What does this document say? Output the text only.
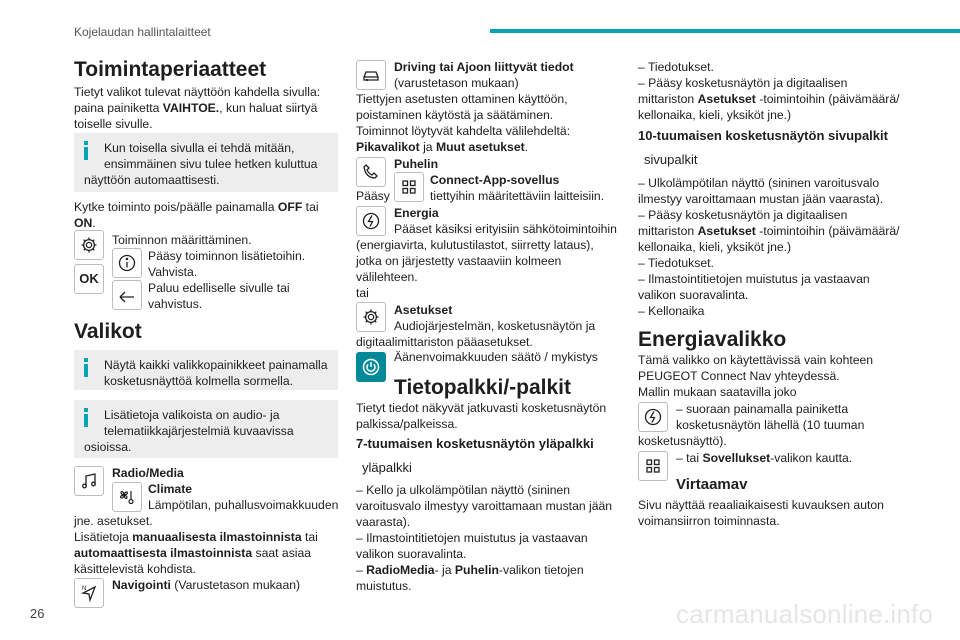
Kojelaudan hallintalaitteet
Toimintaperiaatteet
Tietyt valikot tulevat näyttöön kahdella sivulla:
paina painiketta VAIHTOE., kun haluat siirtyä
toiselle sivulle.

Kun toisella sivulla ei tehdä mitään,

ensimmäinen sivu tulee hetken kuluttua

näyttöön automaattisesti.

Kytke toiminto pois/päälle painamalla OFF tai
ON.
Toiminnon määrittäminen.
Pääsy toiminnon lisätietoihin.
OK	Vahvista.
Paluu edelliselle sivulle tai
vahvistus.
Valikot

Näytä kaikki valikkopainikkeet painamalla

kosketusnäyttöä kolmella sormella.

Lisätietoja valikoista on audio- ja

telematiikkajärjestelmiä kuvaavissa

osioissa.

Radio/Media
Climate
Lämpötilan, puhallusvoimakkuuden
jne. asetukset.
Lisätietoja manuaalisesta ilmastoinnista tai
automaattisesta ilmastoinnista saat asiaa
käsittelevistä kohdista.
N Navigointi (Varustetason mukaan)
Driving tai Ajoon liittyvät tiedot
(varustetason mukaan)
Tiettyjen asetusten ottaminen käyttöön,
poistaminen käytöstä ja säätäminen.
Toiminnot löytyvät kahdelta välilehdeltä:
Pikavalikot ja Muut asetukset.
Puhelin
Connect-App-sovellus
Pääsy	tiettyihin määritettäviin laitteisiin.
Energia
Pääset käsiksi erityisiin sähkötoimintoihin
(energiavirta, kulutustilastot, siirretty lataus),
jotka on järjestetty vastaaviin kolmeen
välilehteen.
tai
Asetukset
Audiojärjestelmän, kosketusnäytön ja
digitaalimittariston pääasetukset.
Äänenvoimakkuuden säätö / mykistys
Tietopalkki/-palkit
Tietyt tiedot näkyvät jatkuvasti kosketusnäytön
palkissa/palkeissa.
7-tuumaisen kosketusnäytön yläpalkki
yläpalkki
– Kello ja ulkolämpötilan näyttö (sininen
varoitusvalo ilmestyy varoittamaan mustan jään
vaarasta).
– Ilmastointitietojen muistutus ja vastaavan
valikon suoravalinta.
– RadioMedia- ja Puhelin-valikon tietojen
muistutus.
– Tiedotukset.
– Pääsy kosketusnäytön ja digitaalisen
mittariston Asetukset -toimintoihin (päivämäärä/
kellonaika, kieli, yksiköt jne.)
10-tuumaisen kosketusnäytön sivupalkit
sivupalkit
– Ulkolämpötilan näyttö (sininen varoitusvalo
ilmestyy varoittamaan mustan jään vaarasta).
– Pääsy kosketusnäytön ja digitaalisen
mittariston Asetukset -toimintoihin (päivämäärä/
kellonaika, kieli, yksiköt jne.)
– Tiedotukset.
– Ilmastointitietojen muistutus ja vastaavan
valikon suoravalinta.
– Kellonaika
Energiavalikko
Tämä valikko on käytettävissä vain kohteen
PEUGEOT Connect Nav yhteydessä.
Mallin mukaan saatavilla joko
– suoraan painamalla painiketta
kosketusnäytön lähellä (10 tuuman
kosketusnäyttö).
– tai Sovellukset-valikon kautta.
Virtaamav
Sivu näyttää reaaliaikaisesti kuvauksen auton
voimansiirron toiminnasta.
26	carmanualsonline.info
